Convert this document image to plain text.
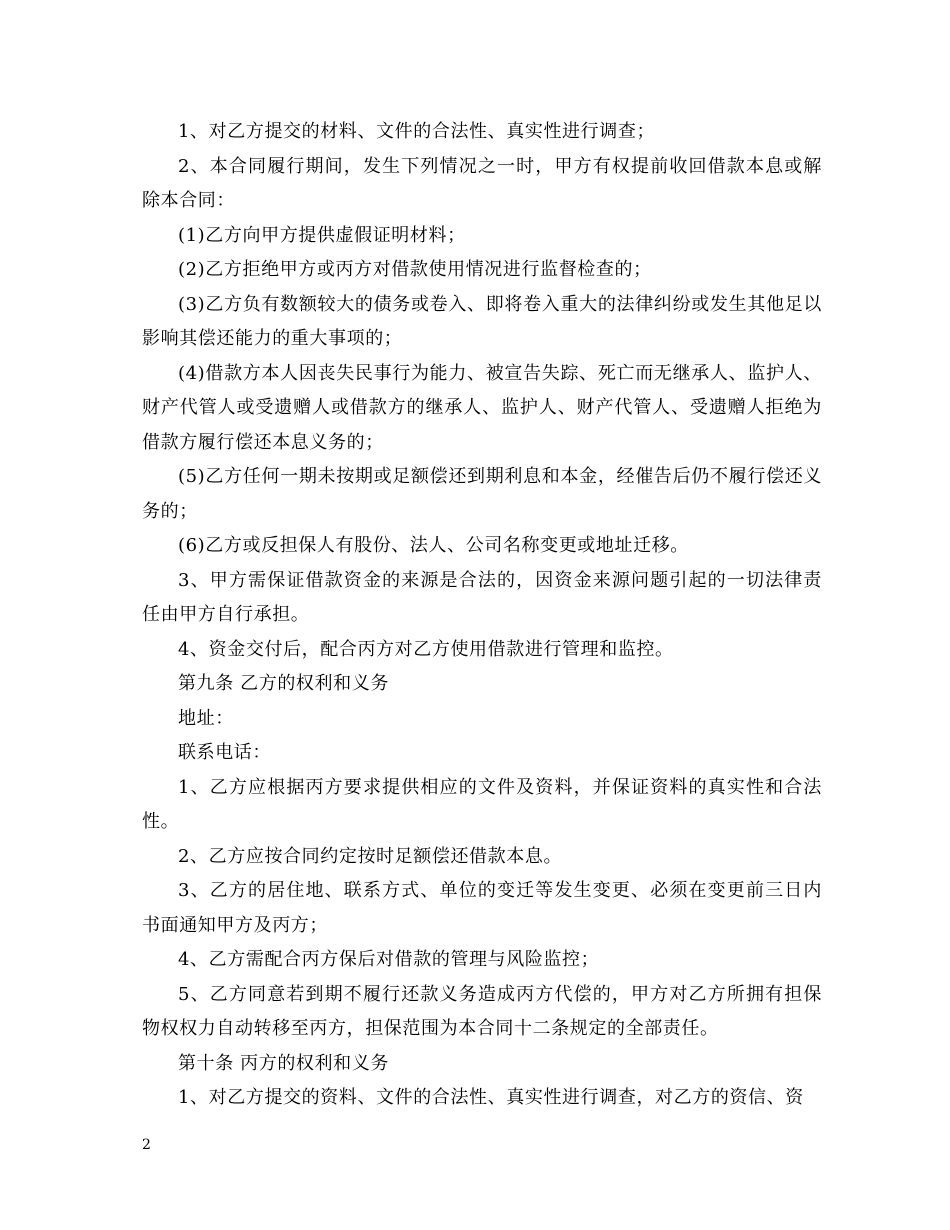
1、对乙方提交的材料、文件的合法性、真实性进行调查；

2、本合同履行期间，发生下列情况之一时，甲方有权提前收回借款本息或解除本合同：

(1)乙方向甲方提供虚假证明材料；

(2)乙方拒绝甲方或丙方对借款使用情况进行监督检查的；

(3)乙方负有数额较大的债务或卷入、即将卷入重大的法律纠纷或发生其他足以影响其偿还能力的重大事项的；

(4)借款方本人因丧失民事行为能力、被宣告失踪、死亡而无继承人、监护人、财产代管人或受遗赠人或借款方的继承人、监护人、财产代管人、受遗赠人拒绝为借款方履行偿还本息义务的；

(5)乙方任何一期未按期或足额偿还到期利息和本金，经催告后仍不履行偿还义务的；

(6)乙方或反担保人有股份、法人、公司名称变更或地址迁移。

3、甲方需保证借款资金的来源是合法的，因资金来源问题引起的一切法律责任由甲方自行承担。

4、资金交付后，配合丙方对乙方使用借款进行管理和监控。

第九条 乙方的权利和义务

地址：

联系电话：

1、乙方应根据丙方要求提供相应的文件及资料，并保证资料的真实性和合法性。

2、乙方应按合同约定按时足额偿还借款本息。

3、乙方的居住地、联系方式、单位的变迁等发生变更、必须在变更前三日内书面通知甲方及丙方；

4、乙方需配合丙方保后对借款的管理与风险监控；

5、乙方同意若到期不履行还款义务造成丙方代偿的，甲方对乙方所拥有担保物权权力自动转移至丙方，担保范围为本合同十二条规定的全部责任。

第十条 丙方的权利和义务

1、对乙方提交的资料、文件的合法性、真实性进行调查，对乙方的资信、资

2
